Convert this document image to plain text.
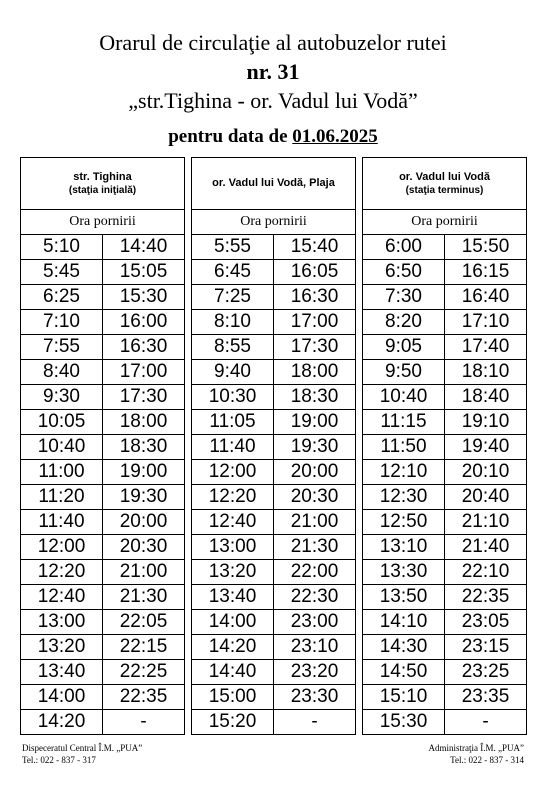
Orarul de circulaţie al autobuzelor rutei
nr. 31
„str.Tighina - or. Vadul lui Vodă”
pentru data de 01.06.2025
str. Tighina
(staţia iniţială)	

Ora pornirii	
5:10	14:40
5:45	15:05
6:25	15:30
7:10	16:00
7:55	16:30
8:40	17:00
9:30	17:30
10:05	18:00
10:40	18:30
11:00	19:00
11:20	19:30
11:40	20:00
12:00	20:30
12:20	21:00
12:40	21:30
13:00	22:05
13:20	22:15
13:40	22:25
14:00	22:35
14:20	-
or. Vadul lui Vodă, Plaja	

Ora pornirii	
5:55	15:40
6:45	16:05
7:25	16:30
8:10	17:00
8:55	17:30
9:40	18:00
10:30	18:30
11:05	19:00
11:40	19:30
12:00	20:00
12:20	20:30
12:40	21:00
13:00	21:30
13:20	22:00
13:40	22:30
14:00	23:00
14:20	23:10
14:40	23:20
15:00	23:30
15:20	-
or. Vadul lui Vodă
(staţia terminus)	

Ora pornirii	
6:00	15:50
6:50	16:15
7:30	16:40
8:20	17:10
9:05	17:40
9:50	18:10
10:40	18:40
11:15	19:10
11:50	19:40
12:10	20:10
12:30	20:40
12:50	21:10
13:10	21:40
13:30	22:10
13:50	22:35
14:10	23:05
14:30	23:15
14:50	23:25
15:10	23:35
15:30	-
Dispeceratul Central Î.M. „PUA”
Tel.: 022 - 837 - 317
Administraţia Î.M. „PUA”
Tel.: 022 - 837 - 314
